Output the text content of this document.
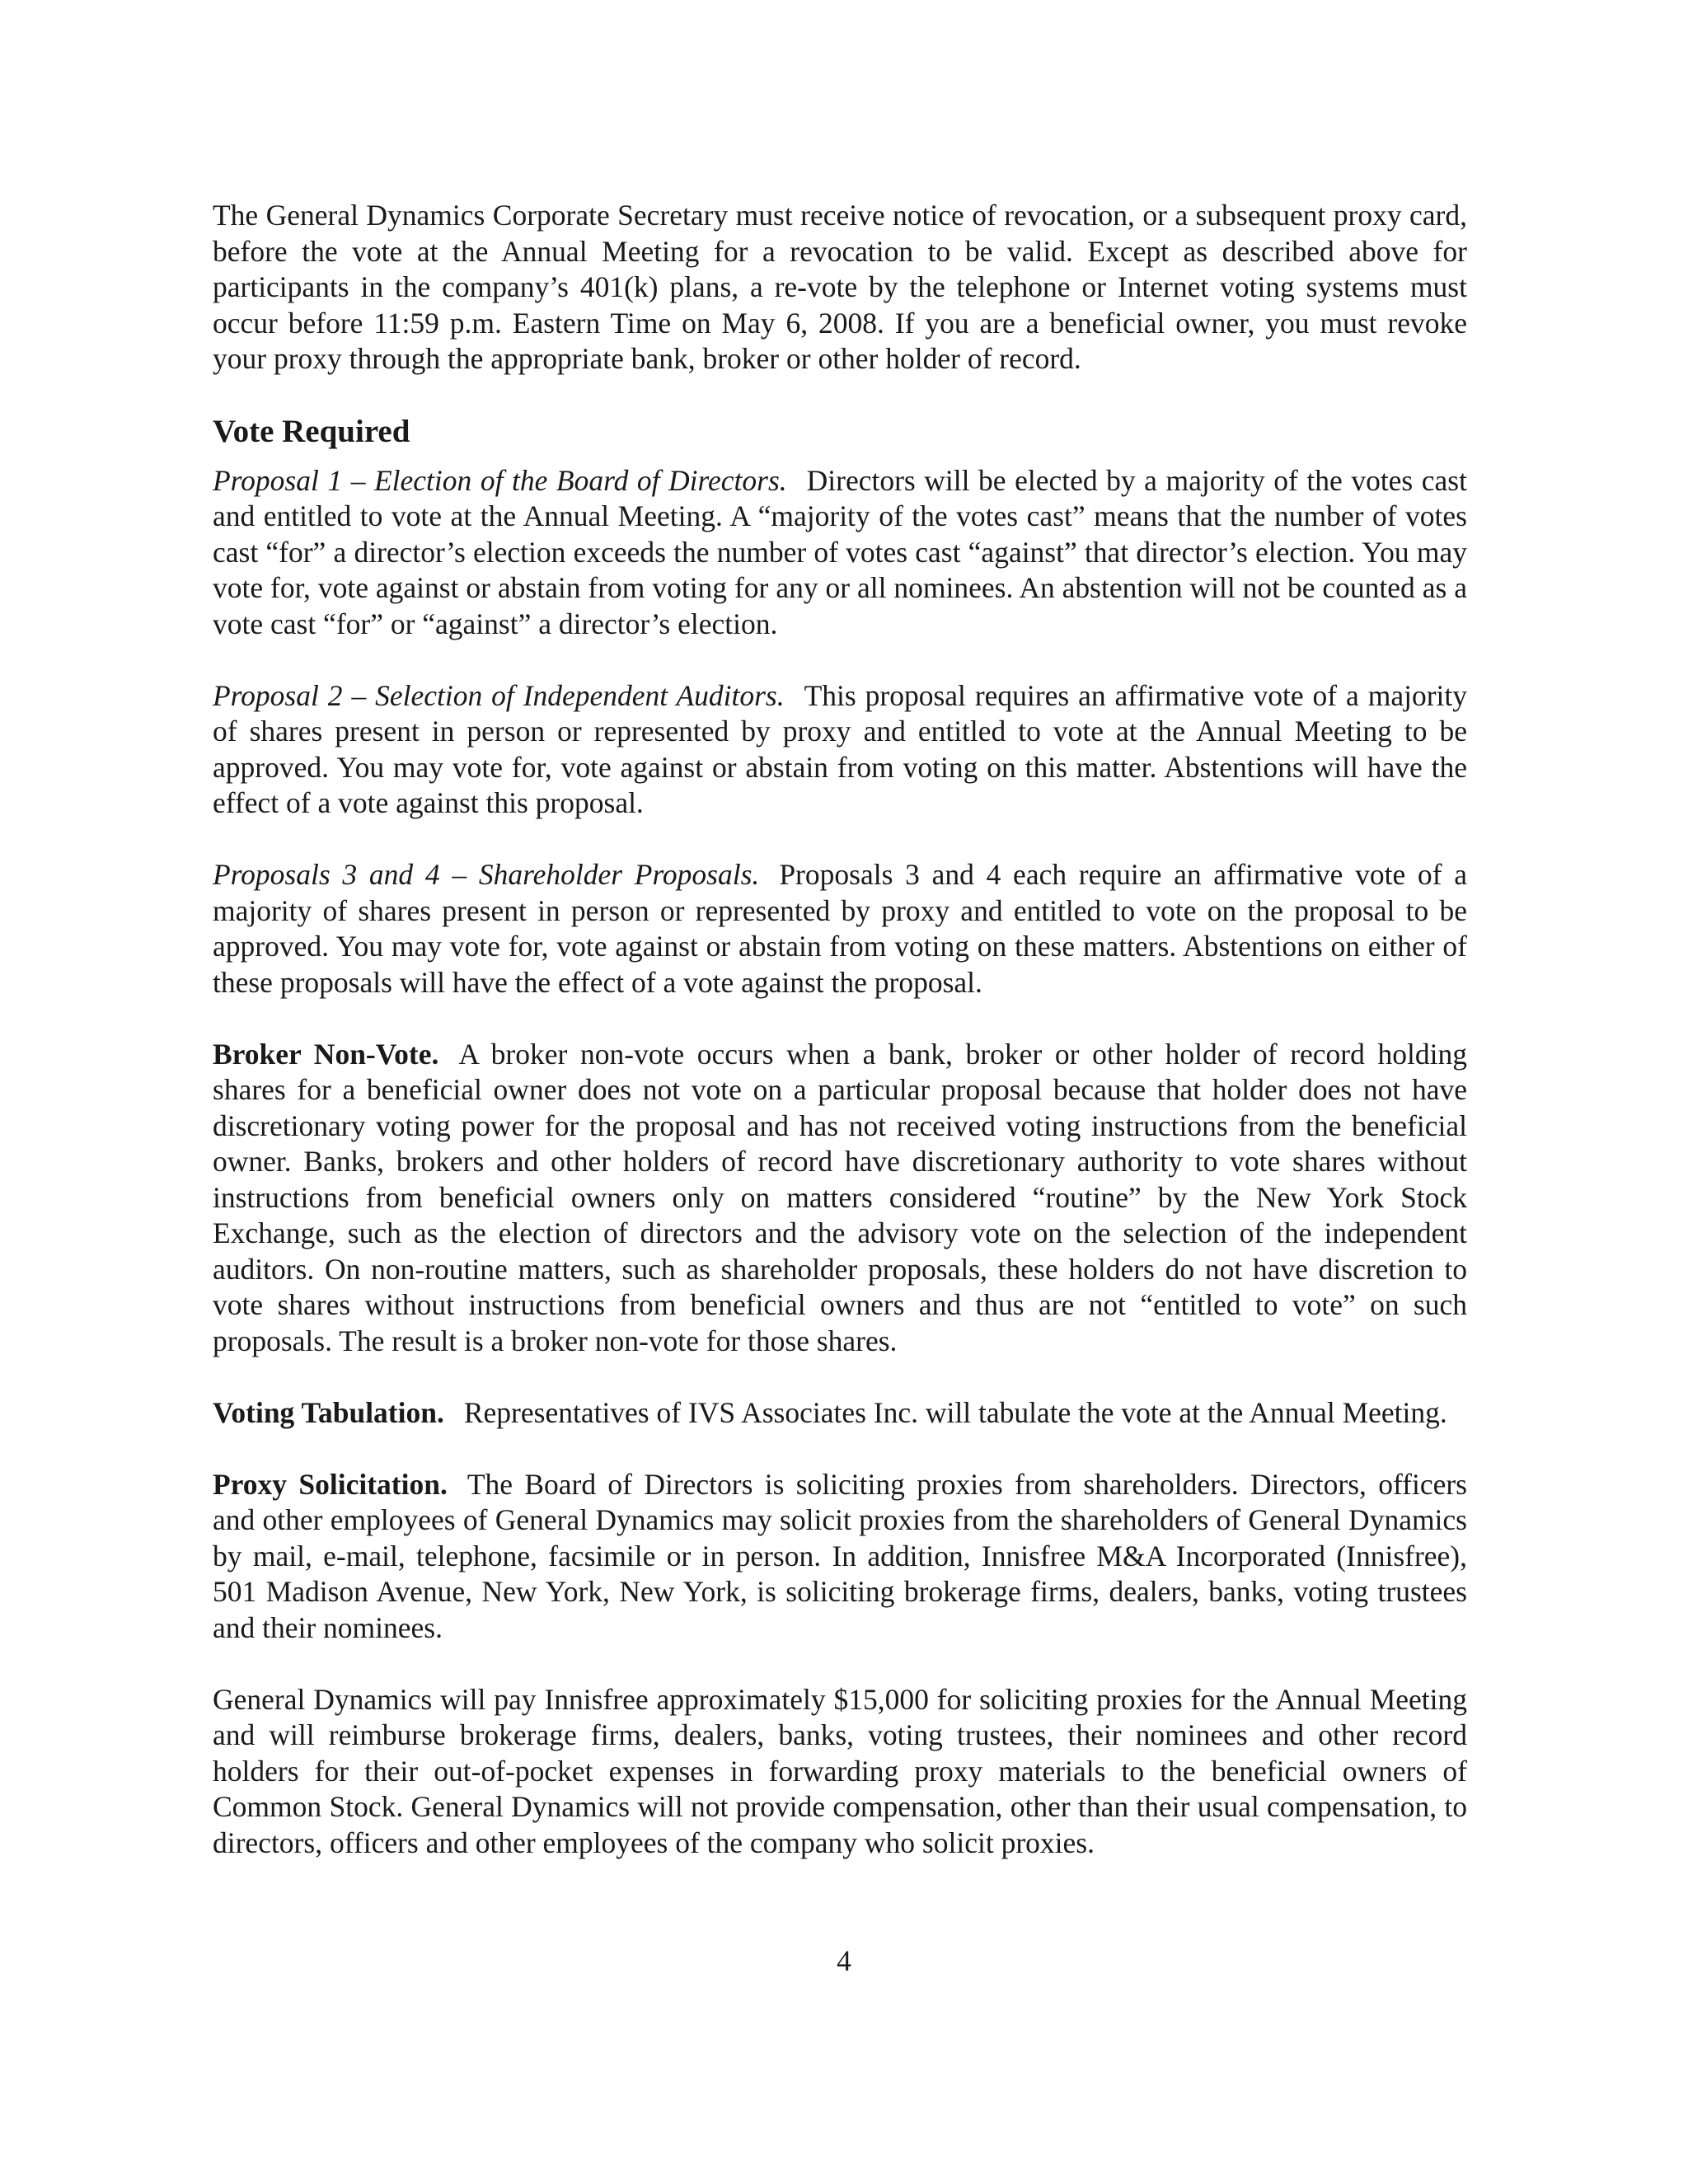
The General Dynamics Corporate Secretary must receive notice of revocation, or a subsequent proxy card, before the vote at the Annual Meeting for a revocation to be valid. Except as described above for participants in the company’s 401(k) plans, a re-vote by the telephone or Internet voting systems must occur before 11:59 p.m. Eastern Time on May 6, 2008. If you are a beneficial owner, you must revoke your proxy through the appropriate bank, broker or other holder of record.

Vote Required

Proposal 1 – Election of the Board of Directors. Directors will be elected by a majority of the votes cast and entitled to vote at the Annual Meeting. A “majority of the votes cast” means that the number of votes cast “for” a director’s election exceeds the number of votes cast “against” that director’s election. You may vote for, vote against or abstain from voting for any or all nominees. An abstention will not be counted as a vote cast “for” or “against” a director’s election.

Proposal 2 – Selection of Independent Auditors. This proposal requires an affirmative vote of a majority of shares present in person or represented by proxy and entitled to vote at the Annual Meeting to be approved. You may vote for, vote against or abstain from voting on this matter. Abstentions will have the effect of a vote against this proposal.

Proposals 3 and 4 – Shareholder Proposals. Proposals 3 and 4 each require an affirmative vote of a majority of shares present in person or represented by proxy and entitled to vote on the proposal to be approved. You may vote for, vote against or abstain from voting on these matters. Abstentions on either of these proposals will have the effect of a vote against the proposal.

Broker Non-Vote. A broker non-vote occurs when a bank, broker or other holder of record holding shares for a beneficial owner does not vote on a particular proposal because that holder does not have discretionary voting power for the proposal and has not received voting instructions from the beneficial owner. Banks, brokers and other holders of record have discretionary authority to vote shares without instructions from beneficial owners only on matters considered “routine” by the New York Stock Exchange, such as the election of directors and the advisory vote on the selection of the independent auditors. On non-routine matters, such as shareholder proposals, these holders do not have discretion to vote shares without instructions from beneficial owners and thus are not “entitled to vote” on such proposals. The result is a broker non-vote for those shares.

Voting Tabulation. Representatives of IVS Associates Inc. will tabulate the vote at the Annual Meeting.

Proxy Solicitation. The Board of Directors is soliciting proxies from shareholders. Directors, officers and other employees of General Dynamics may solicit proxies from the shareholders of General Dynamics by mail, e-mail, telephone, facsimile or in person. In addition, Innisfree M&A Incorporated (Innisfree), 501 Madison Avenue, New York, New York, is soliciting brokerage firms, dealers, banks, voting trustees and their nominees.

General Dynamics will pay Innisfree approximately $15,000 for soliciting proxies for the Annual Meeting and will reimburse brokerage firms, dealers, banks, voting trustees, their nominees and other record holders for their out-of-pocket expenses in forwarding proxy materials to the beneficial owners of Common Stock. General Dynamics will not provide compensation, other than their usual compensation, to directors, officers and other employees of the company who solicit proxies.

4
